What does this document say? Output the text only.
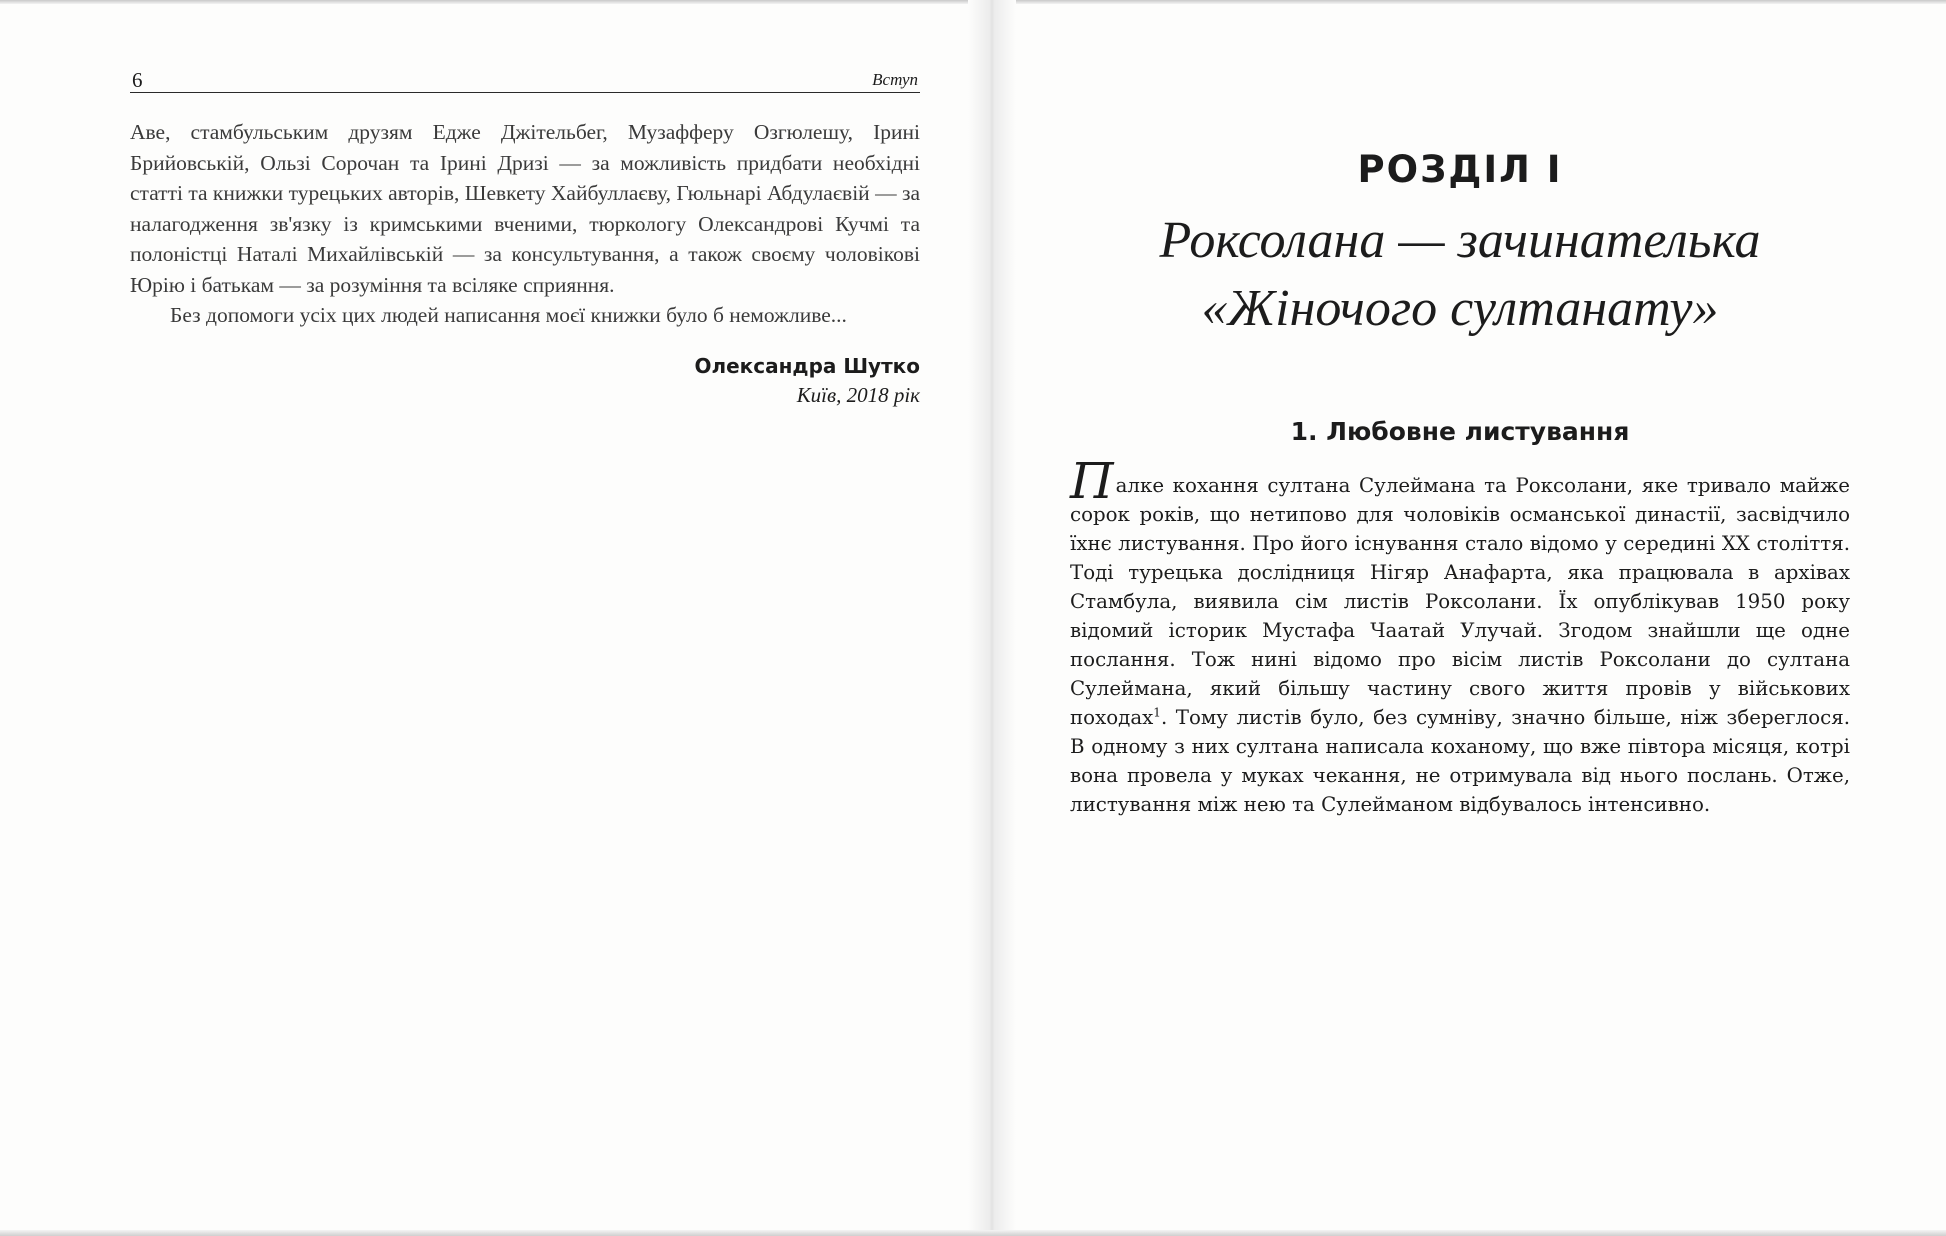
6	Вступ

Аве, стамбульським друзям Едже Джітельбег, Музафферу Озгюлешу, Ірині Брийовській, Ользі Сорочан та Ірині Дризі — за можливість придбати необхідні статті та книжки турецьких авторів, Шевкету Хайбуллаєву, Гюльнарі Абдулаєвій — за налагодження зв'язку із кримськими вченими, тюркологу Олександрові Кучмі та полоністці Наталі Михайлівській — за консультування, а також своєму чоловікові Юрію і батькам — за розуміння та всіляке сприяння.

Без допомоги усіх цих людей написання моєї книжки було б неможливе...

Олександра Шутко
Київ, 2018 рік
РОЗДІЛ І
Роксолана — зачинателька
«Жіночого султанату»
1. Любовне листування

Палке кохання султана Сулеймана та Роксолани, яке тривало майже сорок років, що нетипово для чоловіків османської династії, засвідчило їхнє листування. Про його існування стало відомо у середині XX століття. Тоді турецька дослідниця Нігяр Анафарта, яка працювала в архівах Стамбула, виявила сім листів Роксолани. Їх опублікував 1950 року відомий історик Мустафа Чаатай Улучай. Згодом знайшли ще одне послання. Тож нині відомо про вісім листів Роксолани до султана Сулеймана, який більшу частину свого життя провів у військових походах$^1$. Тому листів було, без сумніву, значно більше, ніж збереглося. В одному з них султана написала коханому, що вже півтора місяця, котрі вона провела у муках чекання, не отримувала від нього послань. Отже, листування між нею та Сулейманом відбувалось інтенсивно.
